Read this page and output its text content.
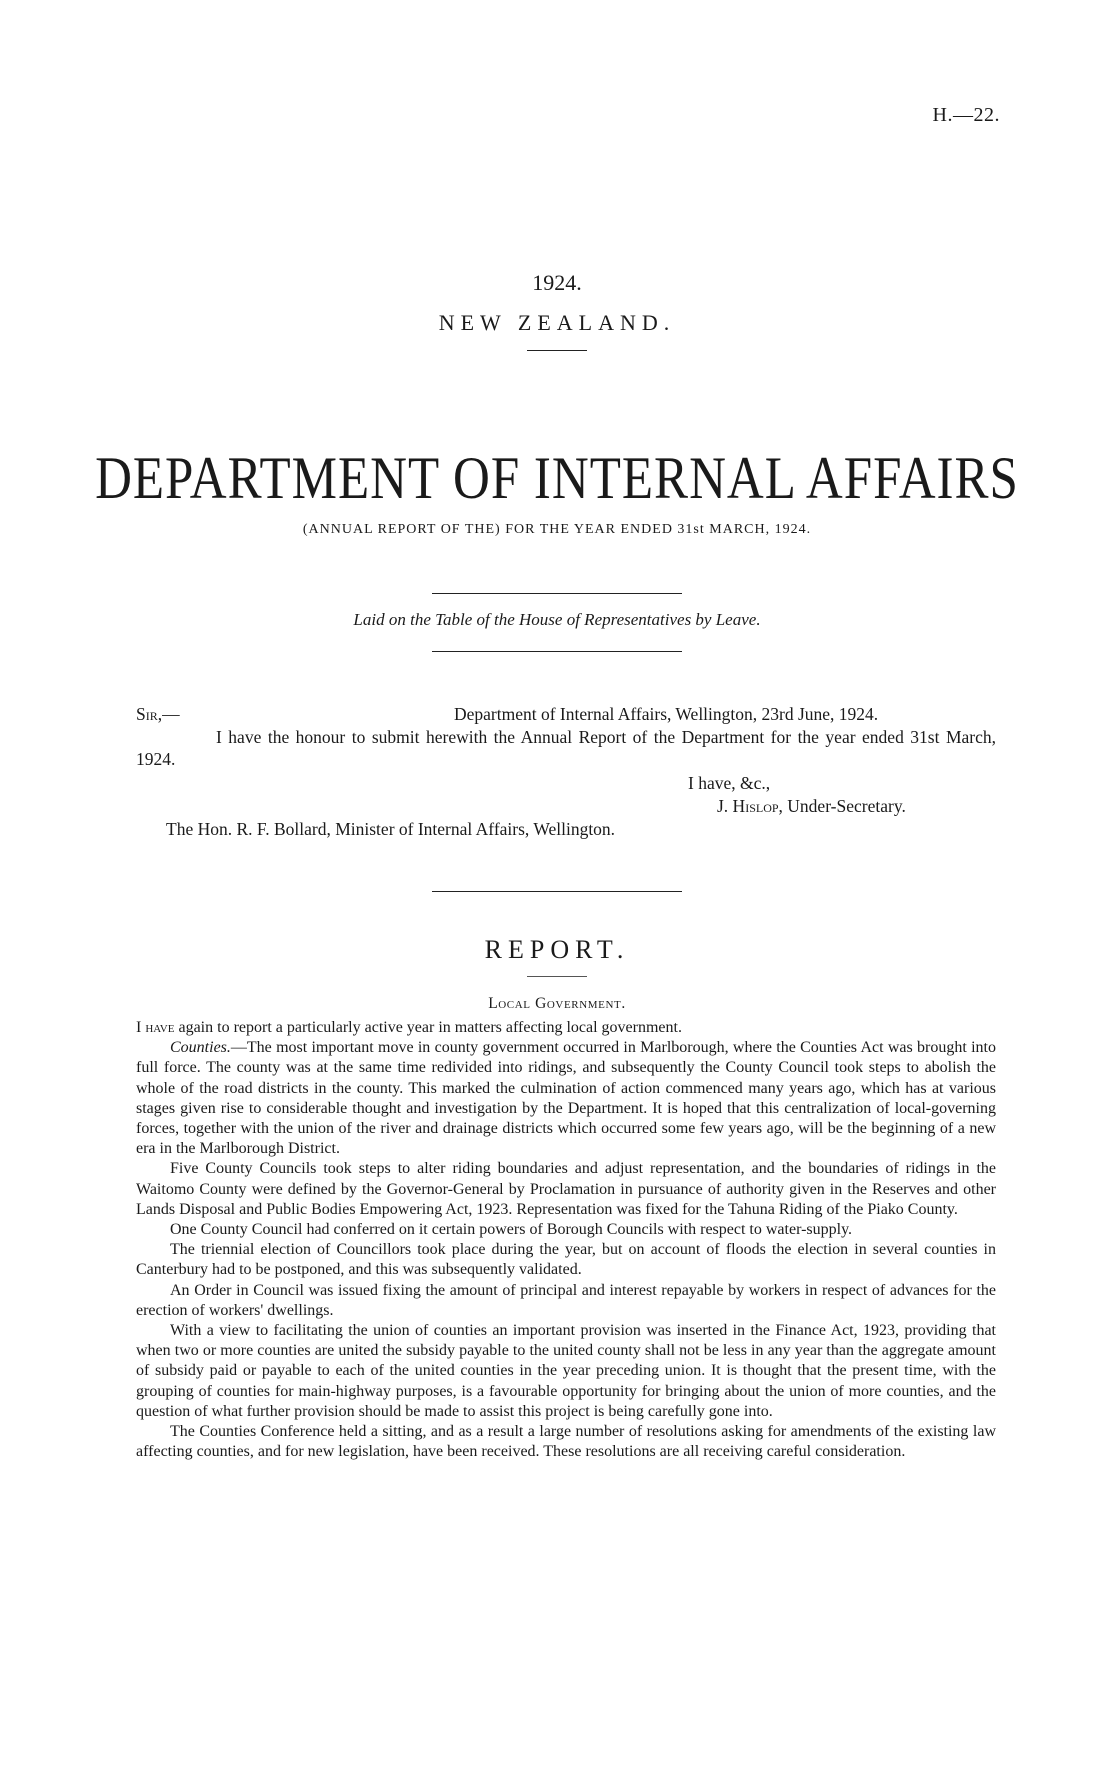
H.—22.
1924.
NEW ZEALAND.
DEPARTMENT OF INTERNAL AFFAIRS
(ANNUAL REPORT OF THE) FOR THE YEAR ENDED 31st MARCH, 1924.
Laid on the Table of the House of Representatives by Leave.
Sir,—	Department of Internal Affairs, Wellington, 23rd June, 1924.
I have the honour to submit herewith the Annual Report of the Department for the year ended 31st March, 1924.
I have, &c.,
J. Hislop, Under-Secretary.
The Hon. R. F. Bollard, Minister of Internal Affairs, Wellington.
REPORT.
Local Government.

I have again to report a particularly active year in matters affecting local government.

Counties.—The most important move in county government occurred in Marlborough, where the Counties Act was brought into full force. The county was at the same time redivided into ridings, and subsequently the County Council took steps to abolish the whole of the road districts in the county. This marked the culmination of action commenced many years ago, which has at various stages given rise to considerable thought and investigation by the Department. It is hoped that this centralization of local-governing forces, together with the union of the river and drainage districts which occurred some few years ago, will be the beginning of a new era in the Marlborough District.

Five County Councils took steps to alter riding boundaries and adjust representation, and the boundaries of ridings in the Waitomo County were defined by the Governor-General by Proclamation in pursuance of authority given in the Reserves and other Lands Disposal and Public Bodies Empowering Act, 1923. Representation was fixed for the Tahuna Riding of the Piako County.

One County Council had conferred on it certain powers of Borough Councils with respect to water-supply.

The triennial election of Councillors took place during the year, but on account of floods the election in several counties in Canterbury had to be postponed, and this was subsequently validated.

An Order in Council was issued fixing the amount of principal and interest repayable by workers in respect of advances for the erection of workers' dwellings.

With a view to facilitating the union of counties an important provision was inserted in the Finance Act, 1923, providing that when two or more counties are united the subsidy payable to the united county shall not be less in any year than the aggregate amount of subsidy paid or payable to each of the united counties in the year preceding union. It is thought that the present time, with the grouping of counties for main-highway purposes, is a favourable opportunity for bringing about the union of more counties, and the question of what further provision should be made to assist this project is being carefully gone into.

The Counties Conference held a sitting, and as a result a large number of resolutions asking for amendments of the existing law affecting counties, and for new legislation, have been received. These resolutions are all receiving careful consideration.
